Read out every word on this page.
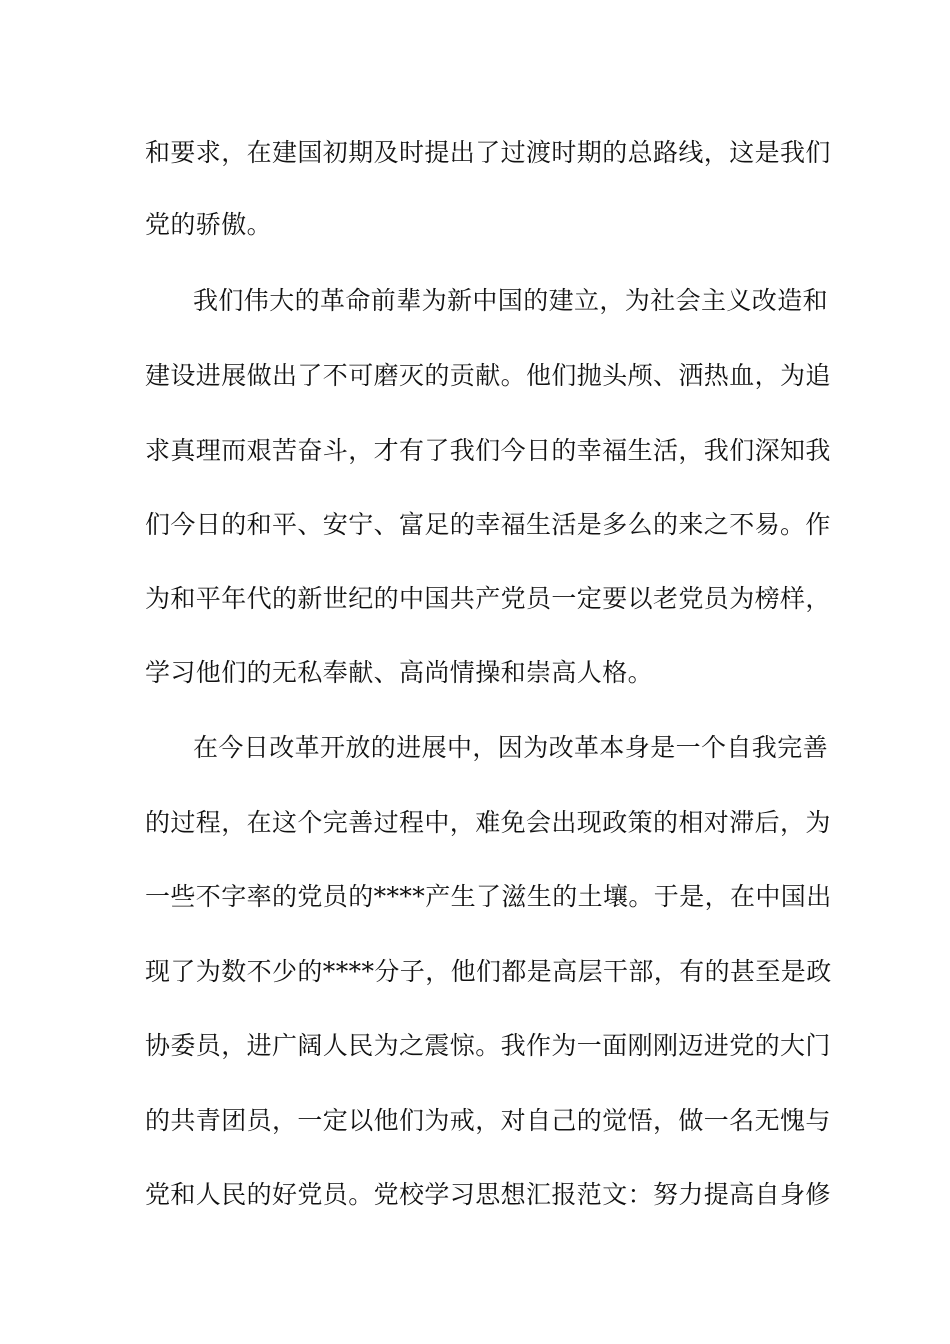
和要求，在建国初期及时提出了过渡时期的总路线，这是我们
党的骄傲。
我们伟大的革命前辈为新中国的建立，为社会主义改造和
建设进展做出了不可磨灭的贡献。他们抛头颅、洒热血，为追
求真理而艰苦奋斗，才有了我们今日的幸福生活，我们深知我
们今日的和平、安宁、富足的幸福生活是多么的来之不易。作
为和平年代的新世纪的中国共产党员一定要以老党员为榜样，
学习他们的无私奉献、高尚情操和崇高人格。
在今日改革开放的进展中，因为改革本身是一个自我完善
的过程，在这个完善过程中，难免会出现政策的相对滞后，为
一些不字率的党员的****产生了滋生的土壤。于是，在中国出
现了为数不少的****分子，他们都是高层干部，有的甚至是政
协委员，进广阔人民为之震惊。我作为一面刚刚迈进党的大门
的共青团员，一定以他们为戒，对自己的觉悟，做一名无愧与
党和人民的好党员。党校学习思想汇报范文：努力提高自身修
